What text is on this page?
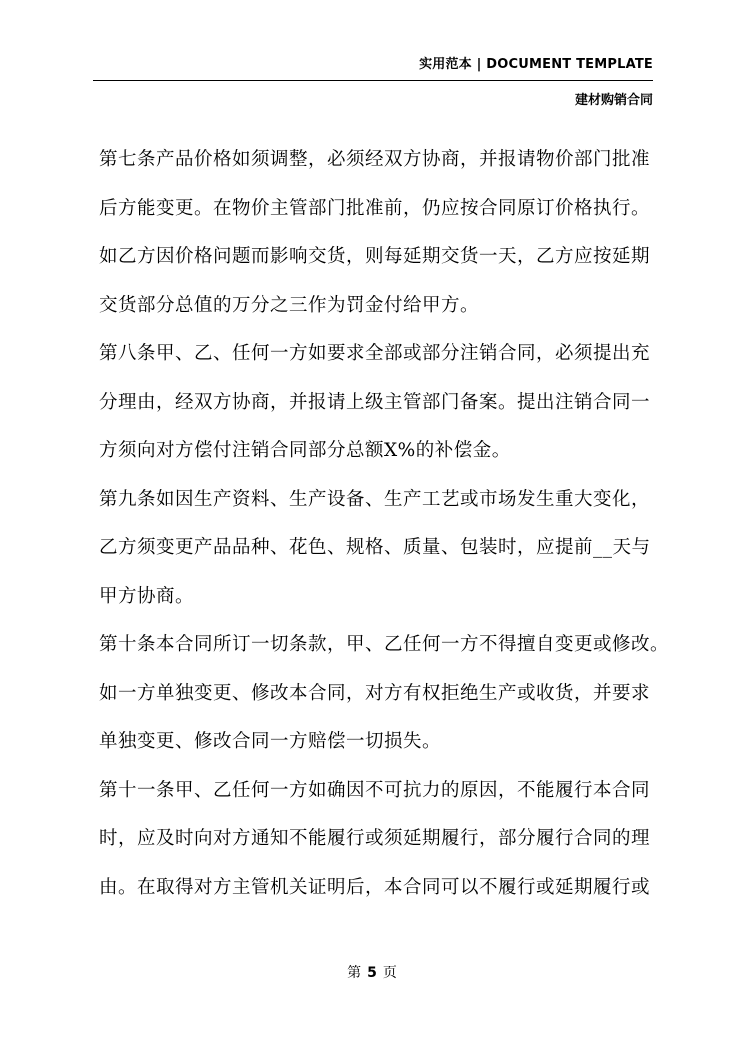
实用范本 | DOCUMENT TEMPLATE
建材购销合同
第七条产品价格如须调整，必须经双方协商，并报请物价部门批准
后方能变更。在物价主管部门批准前，仍应按合同原订价格执行。
如乙方因价格问题而影响交货，则每延期交货一天，乙方应按延期
交货部分总值的万分之三作为罚金付给甲方。
第八条甲、乙、任何一方如要求全部或部分注销合同，必须提出充
分理由，经双方协商，并报请上级主管部门备案。提出注销合同一
方须向对方偿付注销合同部分总额X%的补偿金。
第九条如因生产资料、生产设备、生产工艺或市场发生重大变化，
乙方须变更产品品种、花色、规格、质量、包装时，应提前__天与
甲方协商。
第十条本合同所订一切条款，甲、乙任何一方不得擅自变更或修改。
如一方单独变更、修改本合同，对方有权拒绝生产或收货，并要求
单独变更、修改合同一方赔偿一切损失。
第十一条甲、乙任何一方如确因不可抗力的原因，不能履行本合同
时，应及时向对方通知不能履行或须延期履行，部分履行合同的理
由。在取得对方主管机关证明后，本合同可以不履行或延期履行或
第 5 页
